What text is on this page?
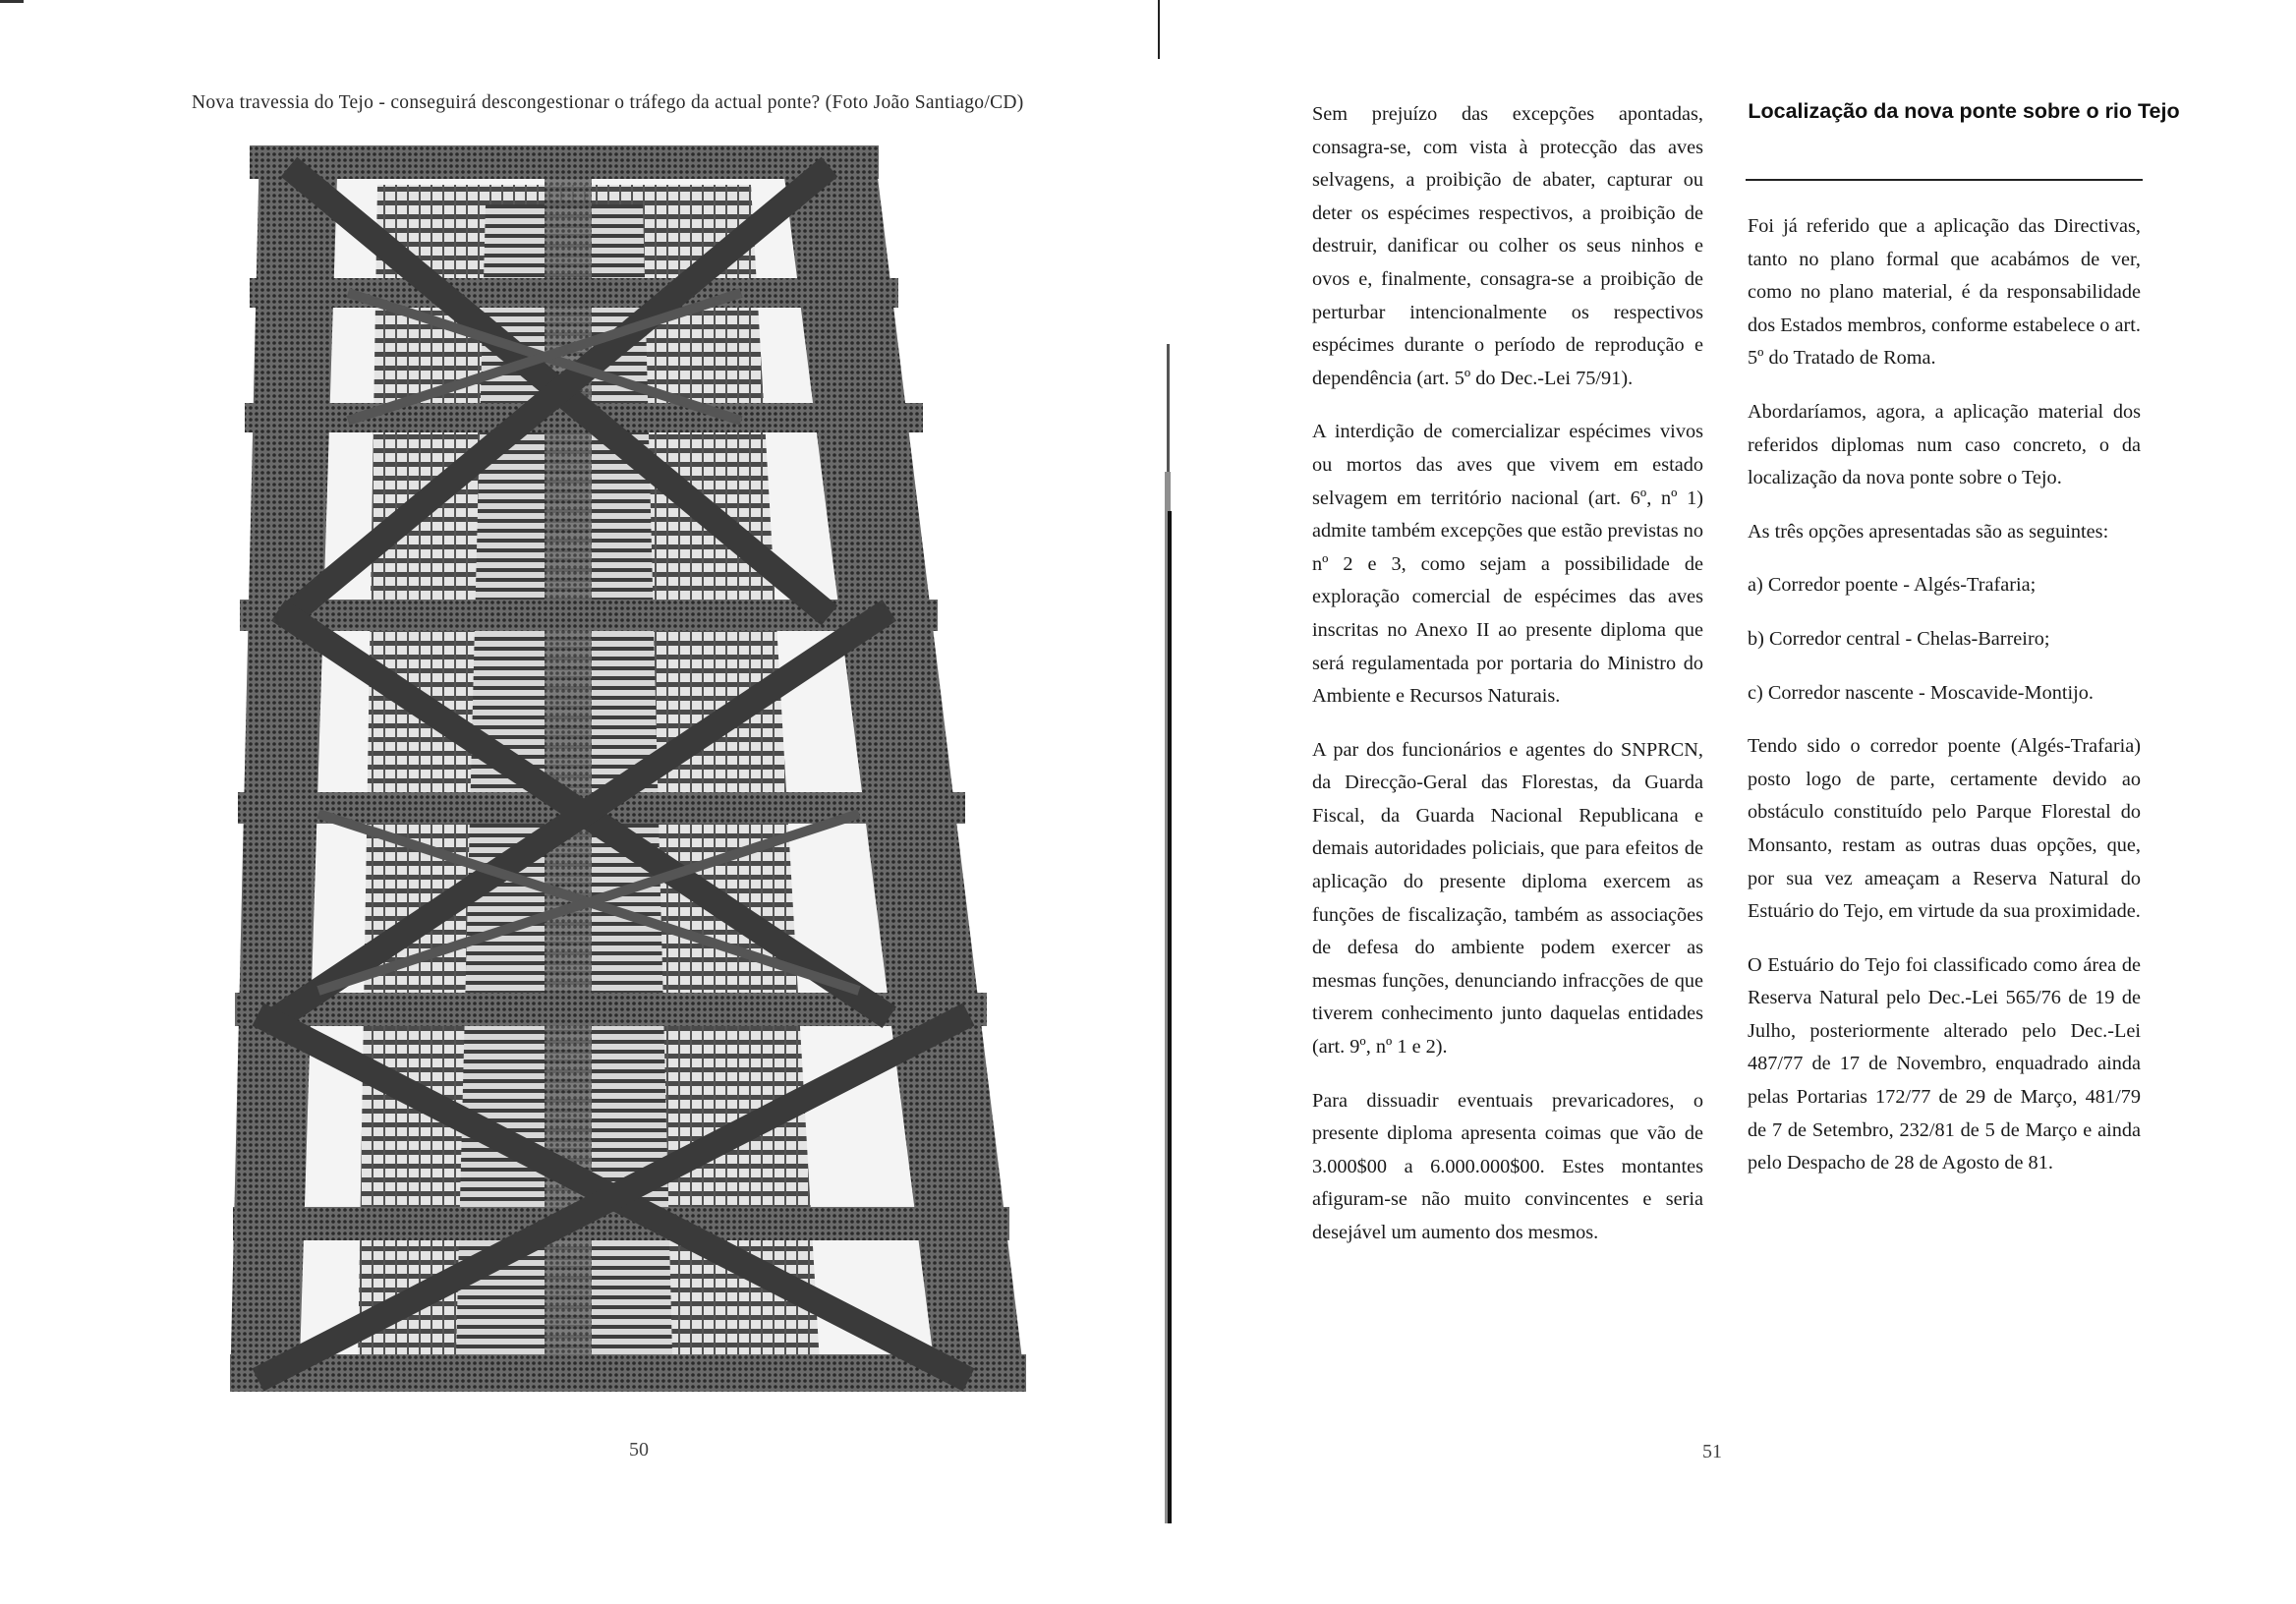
Nova travessia do Tejo - conseguirá descongestionar o tráfego da actual ponte? (Foto João Santiago/CD)
50

Sem prejuízo das excepções apontadas, consagra-se, com vista à protecção das aves selvagens, a proibição de abater, capturar ou deter os espécimes respectivos, a proibição de destruir, danificar ou colher os seus ninhos e ovos e, finalmente, consagra-se a proibição de perturbar intencionalmente os respectivos espécimes durante o período de reprodução e dependência (art. 5º do Dec.-Lei 75/91).

A interdição de comercializar espécimes vivos ou mortos das aves que vivem em estado selvagem em território nacional (art. 6º, nº 1) admite também excepções que estão previstas no nº 2 e 3, como sejam a possibilidade de exploração comercial de espécimes das aves inscritas no Anexo II ao presente diploma que será regulamentada por portaria do Ministro do Ambiente e Recursos Naturais.

A par dos funcionários e agentes do SNPRCN, da Direcção-Geral das Florestas, da Guarda Fiscal, da Guarda Nacional Republicana e demais autoridades policiais, que para efeitos de aplicação do presente diploma exercem as funções de fiscalização, também as associações de defesa do ambiente podem exercer as mesmas funções, denunciando infracções de que tiverem conhecimento junto daquelas entidades (art. 9º, nº 1 e 2).

Para dissuadir eventuais prevaricadores, o presente diploma apresenta coimas que vão de 3.000$00 a 6.000.000$00. Estes montantes afiguram-se não muito convincentes e seria desejável um aumento dos mesmos.

Localização da nova ponte sobre o rio Tejo

Foi já referido que a aplicação das Directivas, tanto no plano formal que acabámos de ver, como no plano material, é da responsabilidade dos Estados membros, conforme estabelece o art. 5º do Tratado de Roma.

Abordaríamos, agora, a aplicação material dos referidos diplomas num caso concreto, o da localização da nova ponte sobre o Tejo.

As três opções apresentadas são as seguintes:

a) Corredor poente - Algés-Trafaria;

b) Corredor central - Chelas-Barreiro;

c) Corredor nascente - Moscavide-Montijo.

Tendo sido o corredor poente (Algés-Trafaria) posto logo de parte, certamente devido ao obstáculo constituído pelo Parque Florestal do Monsanto, restam as outras duas opções, que, por sua vez ameaçam a Reserva Natural do Estuário do Tejo, em virtude da sua proximidade.

O Estuário do Tejo foi classificado como área de Reserva Natural pelo Dec.-Lei 565/76 de 19 de Julho, posteriormente alterado pelo Dec.-Lei 487/77 de 17 de Novembro, enquadrado ainda pelas Portarias 172/77 de 29 de Março, 481/79 de 7 de Setembro, 232/81 de 5 de Março e ainda pelo Despacho de 28 de Agosto de 81.

51
